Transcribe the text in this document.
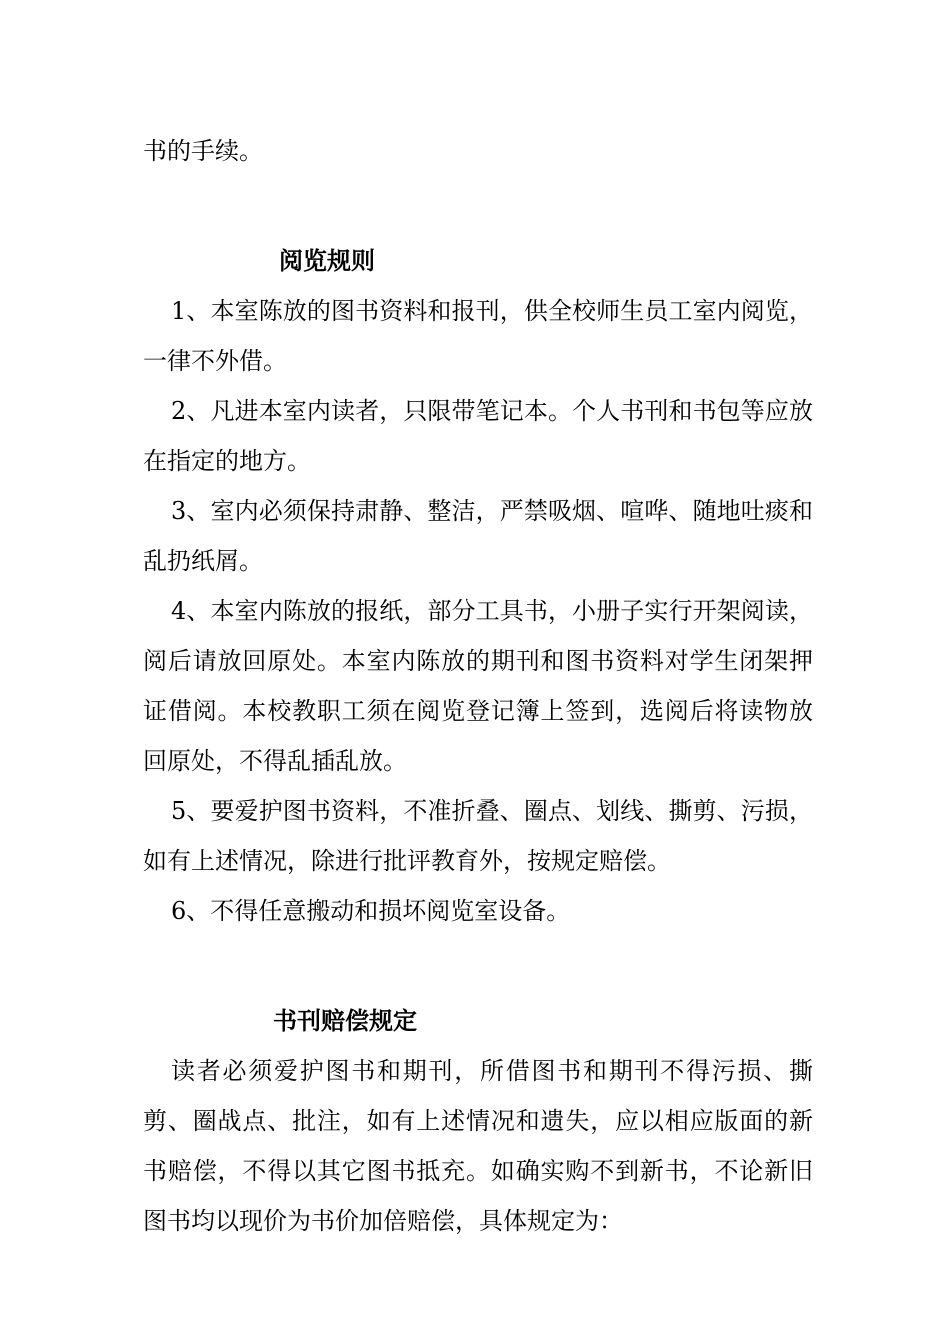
书的手续。

阅览规则

1、本室陈放的图书资料和报刊，供全校师生员工室内阅览，一律不外借。

2、凡进本室内读者，只限带笔记本。个人书刊和书包等应放在指定的地方。

3、室内必须保持肃静、整洁，严禁吸烟、喧哗、随地吐痰和乱扔纸屑。

4、本室内陈放的报纸，部分工具书，小册子实行开架阅读，阅后请放回原处。本室内陈放的期刊和图书资料对学生闭架押证借阅。本校教职工须在阅览登记簿上签到，选阅后将读物放回原处，不得乱插乱放。

5、要爱护图书资料，不准折叠、圈点、划线、撕剪、污损，如有上述情况，除进行批评教育外，按规定赔偿。

6、不得任意搬动和损坏阅览室设备。

书刊赔偿规定

读者必须爱护图书和期刊，所借图书和期刊不得污损、撕剪、圈战点、批注，如有上述情况和遗失，应以相应版面的新书赔偿，不得以其它图书抵充。如确实购不到新书，不论新旧图书均以现价为书价加倍赔偿，具体规定为：
